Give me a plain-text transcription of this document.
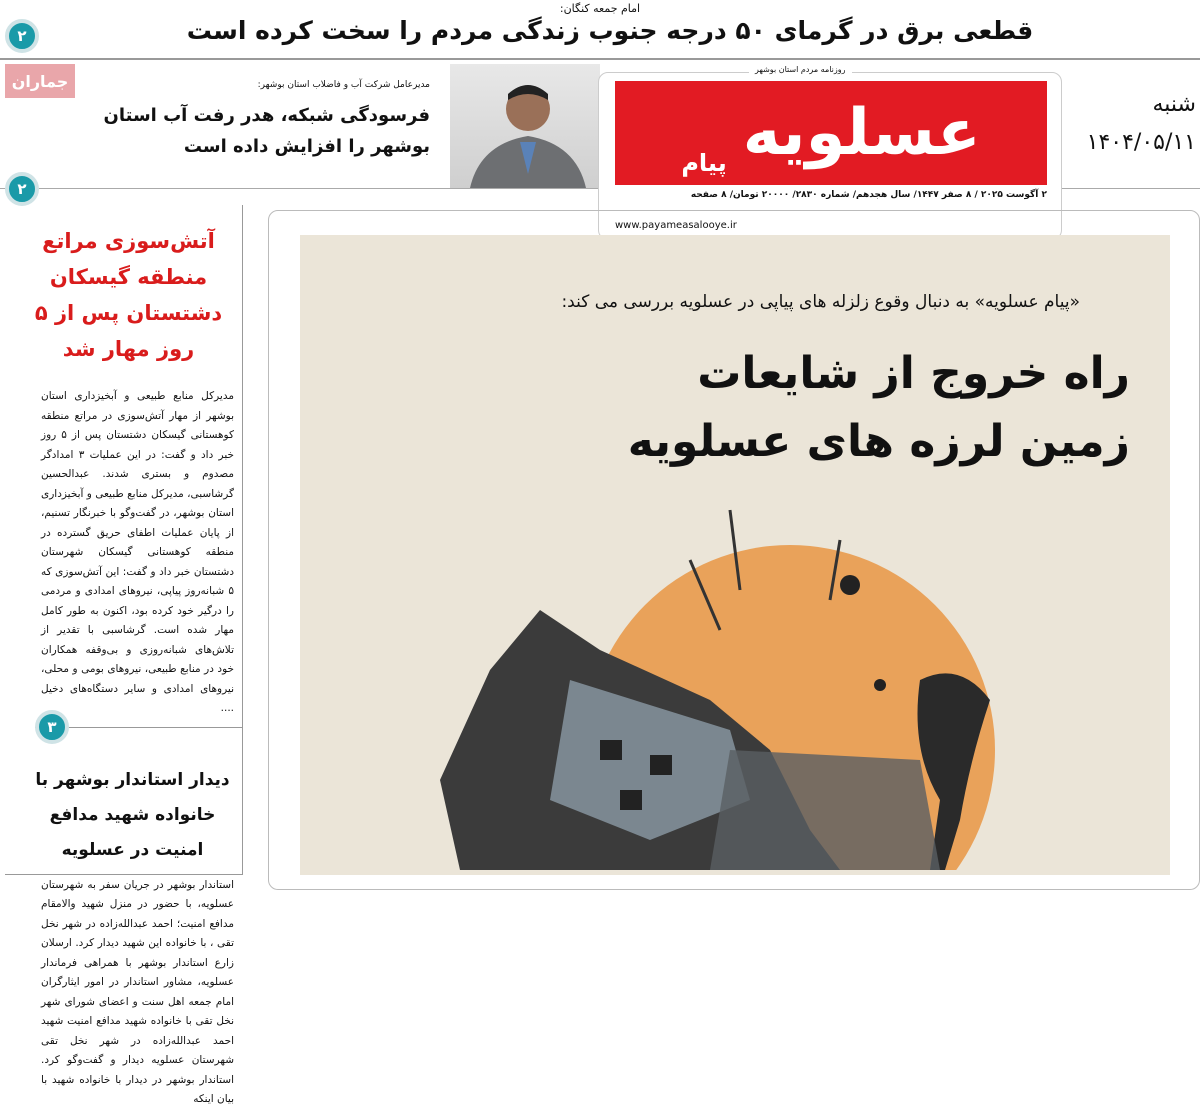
امام جمعه کنگان:
قطعی برق در گرمای ۵۰ درجه جنوب زندگی مردم را سخت کرده است
۲
جماران	مدیرعامل شرکت آب و فاضلاب استان بوشهر:
فرسودگی شبکه، هدر رفت آب استان بوشهر را افزایش داده است
۲
روزنامه مردم استان بوشهر
پیام عسلویه
۲ آگوست ۲۰۲۵ / ۸ صفر ۱۴۴۷/ سال هجدهم/ شماره ۲۸۳۰/ ۲۰۰۰۰ تومان/ ۸ صفحه
www.payameasalooye.ir
شنبه
۱۴۰۴/۰۵/۱۱
آتش‌سوزی مراتع منطقه گیسکان دشتستان پس از ۵ روز مهار شد
مدیرکل منابع طبیعی و آبخیزداری استان بوشهر از مهار آتش‌سوزی در مراتع منطقه کوهستانی گیسکان دشتستان پس از ۵ روز خبر داد و گفت: در این عملیات ۳ امدادگر مصدوم و بستری شدند. عبدالحسین گرشاسبی، مدیرکل منابع طبیعی و آبخیزداری استان بوشهر، در گفت‌وگو با خبرنگار تسنیم، از پایان عملیات اطفای حریق گسترده در منطقه کوهستانی گیسکان شهرستان دشتستان خبر داد و گفت: این آتش‌سوزی که ۵ شبانه‌روز پیاپی، نیروهای امدادی و مردمی را درگیر خود کرده بود، اکنون به طور کامل مهار شده است. گرشاسبی با تقدیر از تلاش‌های شبانه‌روزی و بی‌وقفه همکاران خود در منابع طبیعی، نیروهای بومی و محلی، نیروهای امدادی و سایر دستگاه‌های دخیل ....
۳
دیدار استاندار بوشهر با خانواده شهید مدافع امنیت در عسلویه
استاندار بوشهر در جریان سفر به شهرستان عسلویه، با حضور در منزل شهید والامقام مدافع امنیت؛ احمد عبدالله‌زاده در شهر نخل تقی ، با خانواده این شهید دیدار کرد. ارسلان زارع استاندار بوشهر با همراهی فرماندار عسلویه، مشاور استاندار در امور ایثارگران امام جمعه اهل سنت و اعضای شورای شهر نخل تقی با خانواده شهید مدافع امنیت شهید احمد عبدالله‌زاده در شهر نخل تقی شهرستان عسلویه دیدار و گفت‌وگو کرد. استاندار بوشهر در دیدار با خانواده شهید با بیان اینکه
«پیام عسلویه» به دنبال وقوع زلزله های پیاپی در عسلویه بررسی می کند:
راه خروج از شایعات
زمین لرزه های عسلویه
